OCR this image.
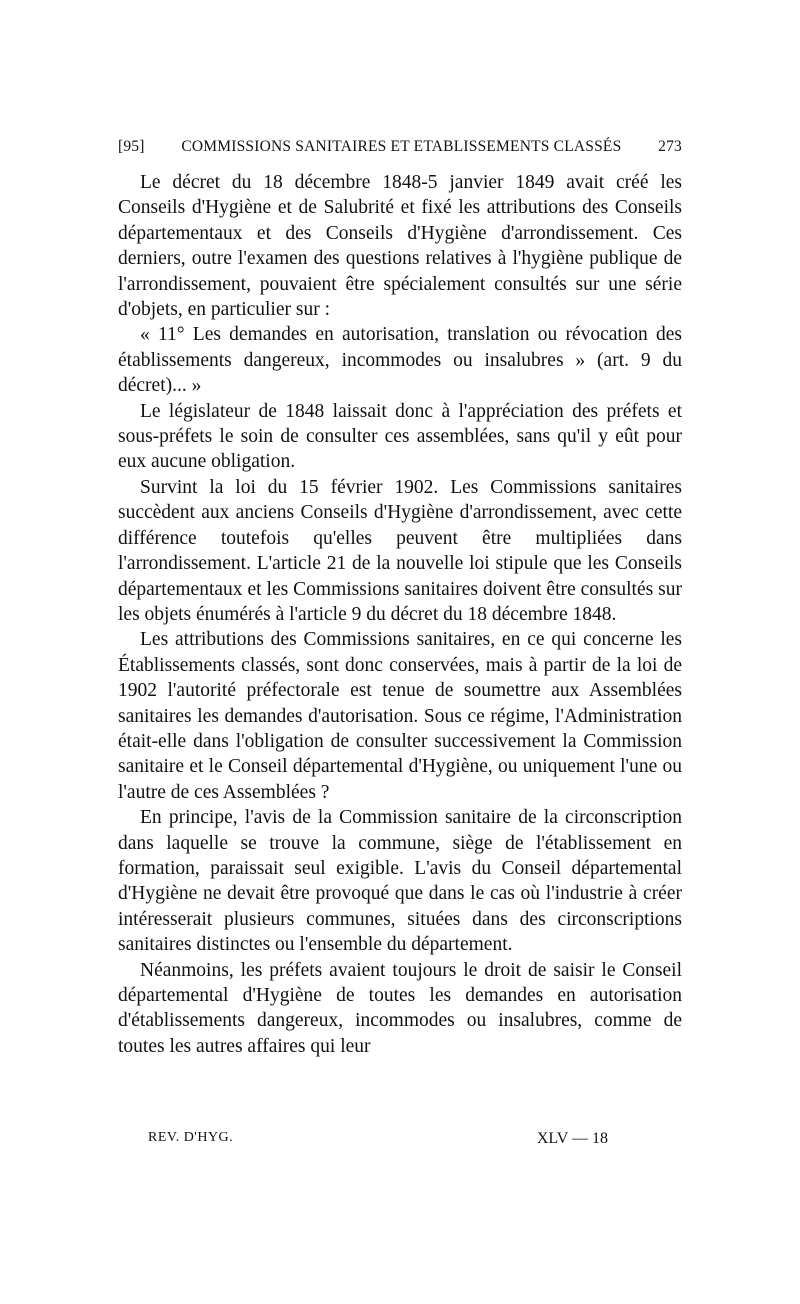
[95]	COMMISSIONS SANITAIRES ET ETABLISSEMENTS CLASSÉS	273

Le décret du 18 décembre 1848-5 janvier 1849 avait créé les Conseils d'Hygiène et de Salubrité et fixé les attributions des Conseils départementaux et des Conseils d'Hygiène d'arrondissement. Ces derniers, outre l'examen des questions relatives à l'hygiène publique de l'arrondissement, pouvaient être spécialement consultés sur une série d'objets, en particulier sur :

« 11° Les demandes en autorisation, translation ou révocation des établissements dangereux, incommodes ou insalubres » (art. 9 du décret)... »

Le législateur de 1848 laissait donc à l'appréciation des préfets et sous-préfets le soin de consulter ces assemblées, sans qu'il y eût pour eux aucune obligation.

Survint la loi du 15 février 1902. Les Commissions sanitaires succèdent aux anciens Conseils d'Hygiène d'arrondissement, avec cette différence toutefois qu'elles peuvent être multipliées dans l'arrondissement. L'article 21 de la nouvelle loi stipule que les Conseils départementaux et les Commissions sanitaires doivent être consultés sur les objets énumérés à l'article 9 du décret du 18 décembre 1848.

Les attributions des Commissions sanitaires, en ce qui concerne les Établissements classés, sont donc conservées, mais à partir de la loi de 1902 l'autorité préfectorale est tenue de soumettre aux Assemblées sanitaires les demandes d'autorisation. Sous ce régime, l'Administration était-elle dans l'obligation de consulter successivement la Commission sanitaire et le Conseil départemental d'Hygiène, ou uniquement l'une ou l'autre de ces Assemblées ?

En principe, l'avis de la Commission sanitaire de la circonscription dans laquelle se trouve la commune, siège de l'établissement en formation, paraissait seul exigible. L'avis du Conseil départemental d'Hygiène ne devait être provoqué que dans le cas où l'industrie à créer intéresserait plusieurs communes, situées dans des circonscriptions sanitaires distinctes ou l'ensemble du département.

Néanmoins, les préfets avaient toujours le droit de saisir le Conseil départemental d'Hygiène de toutes les demandes en autorisation d'établissements dangereux, incommodes ou insalubres, comme de toutes les autres affaires qui leur

REV. D'HYG.	XLV — 18
